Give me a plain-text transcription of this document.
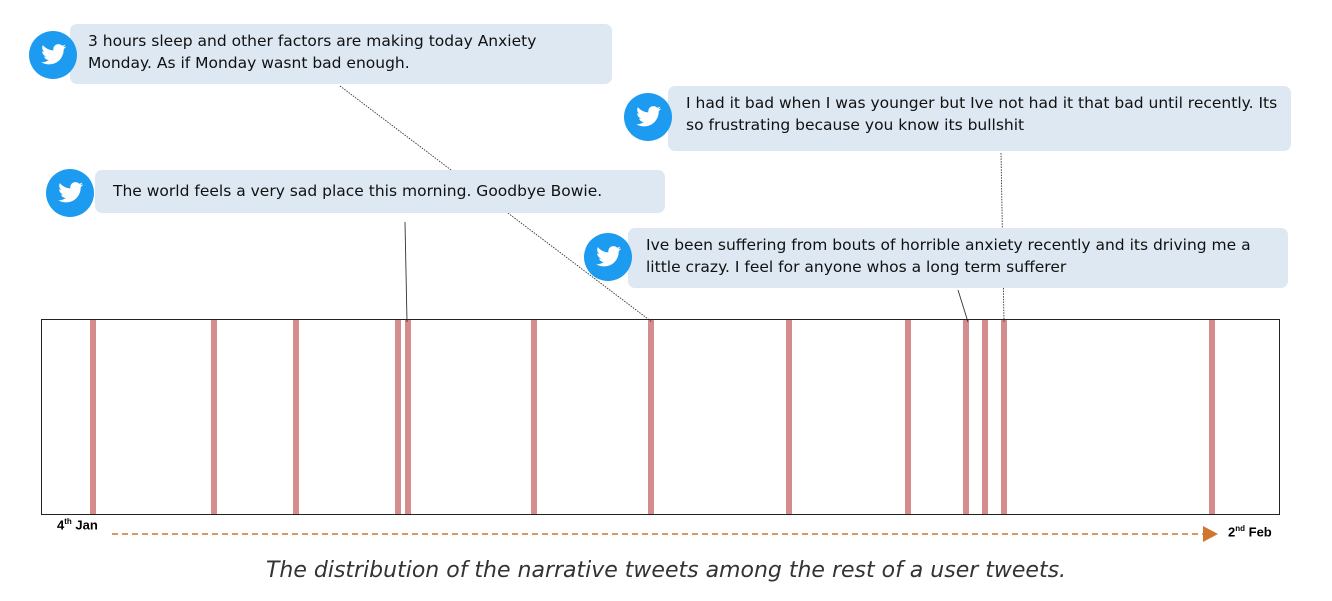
3 hours sleep and other factors are making today Anxiety Monday. As if Monday wasnt bad enough.
The world feels a very sad place this morning. Goodbye Bowie.
I had it bad when I was younger but Ive not had it that bad until recently. Its so frustrating because you know its bullshit
Ive been suffering from bouts of horrible anxiety recently and its driving me a little crazy. I feel for anyone whos a long term sufferer
4th Jan	2nd Feb
The distribution of the narrative tweets among the rest of a user tweets.
